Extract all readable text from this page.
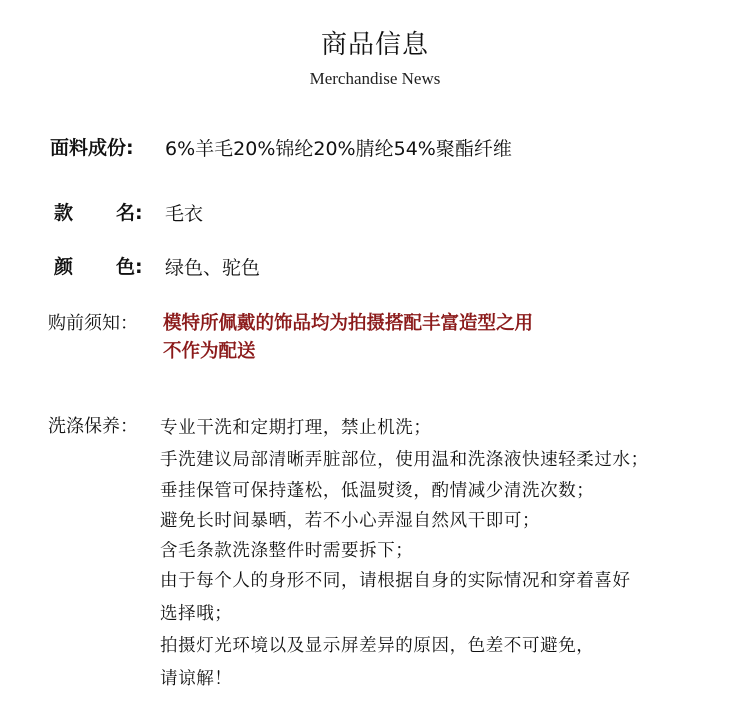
商品信息
Merchandise News
面料成份: 6%羊毛20%锦纶20%腈纶54%聚酯纤维
款 名: 毛衣
颜 色: 绿色、驼色
购前须知： 模特所佩戴的饰品均为拍摄搭配丰富造型之用
不作为配送
洗涤保养： 专业干洗和定期打理，禁止机洗；
手洗建议局部清晰弄脏部位，使用温和洗涤液快速轻柔过水；
垂挂保管可保持蓬松，低温熨烫，酌情减少清洗次数；
避免长时间暴晒，若不小心弄湿自然风干即可；
含毛条款洗涤整件时需要拆下；
由于每个人的身形不同，请根据自身的实际情况和穿着喜好
选择哦；
拍摄灯光环境以及显示屏差异的原因，色差不可避免，
请谅解！
